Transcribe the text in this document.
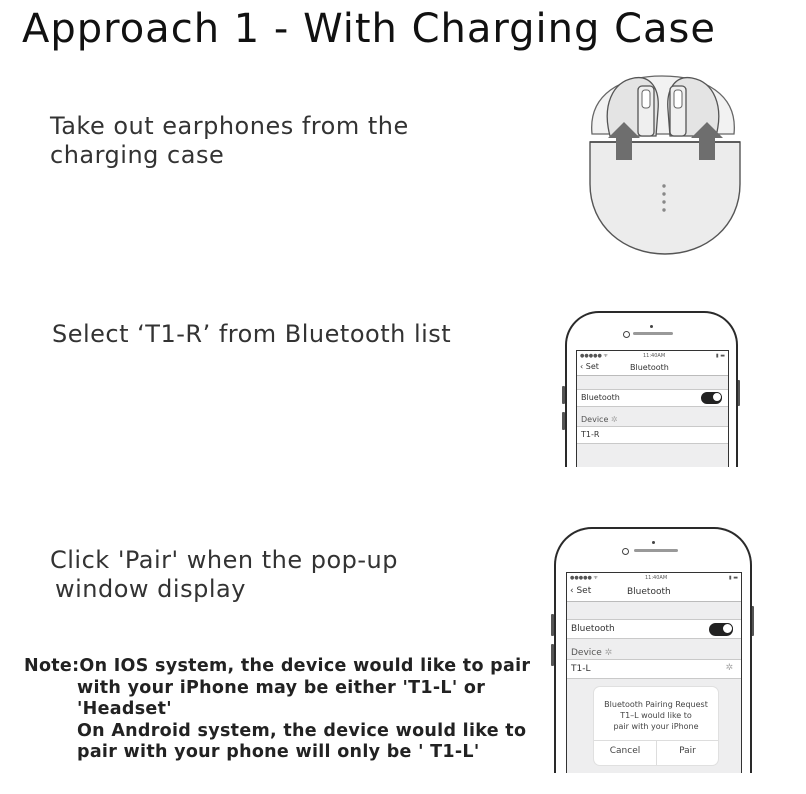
Approach 1 - With Charging Case
Take out earphones from the
charging case
Select ‘T1-R’ from Bluetooth list
●●●●● ᯤ	11:40AM	▮ ▬
‹ Set	Bluetooth
Bluetooth
Device ✲
T1-R
Click 'Pair' when the pop-up
window display
Note:On IOS system, the device would like to pair
with your iPhone may be either 'T1-L' or
'Headset'
On Android system, the device would like to
pair with your phone will only be ' T1-L'
●●●●● ᯤ	11:40AM	▮ ▬
‹ Set	Bluetooth
Bluetooth
Device ✲
T1-L	✲
Bluetooth Pairing Request
T1–L would like to
pair with your iPhone
Cancel	Pair
